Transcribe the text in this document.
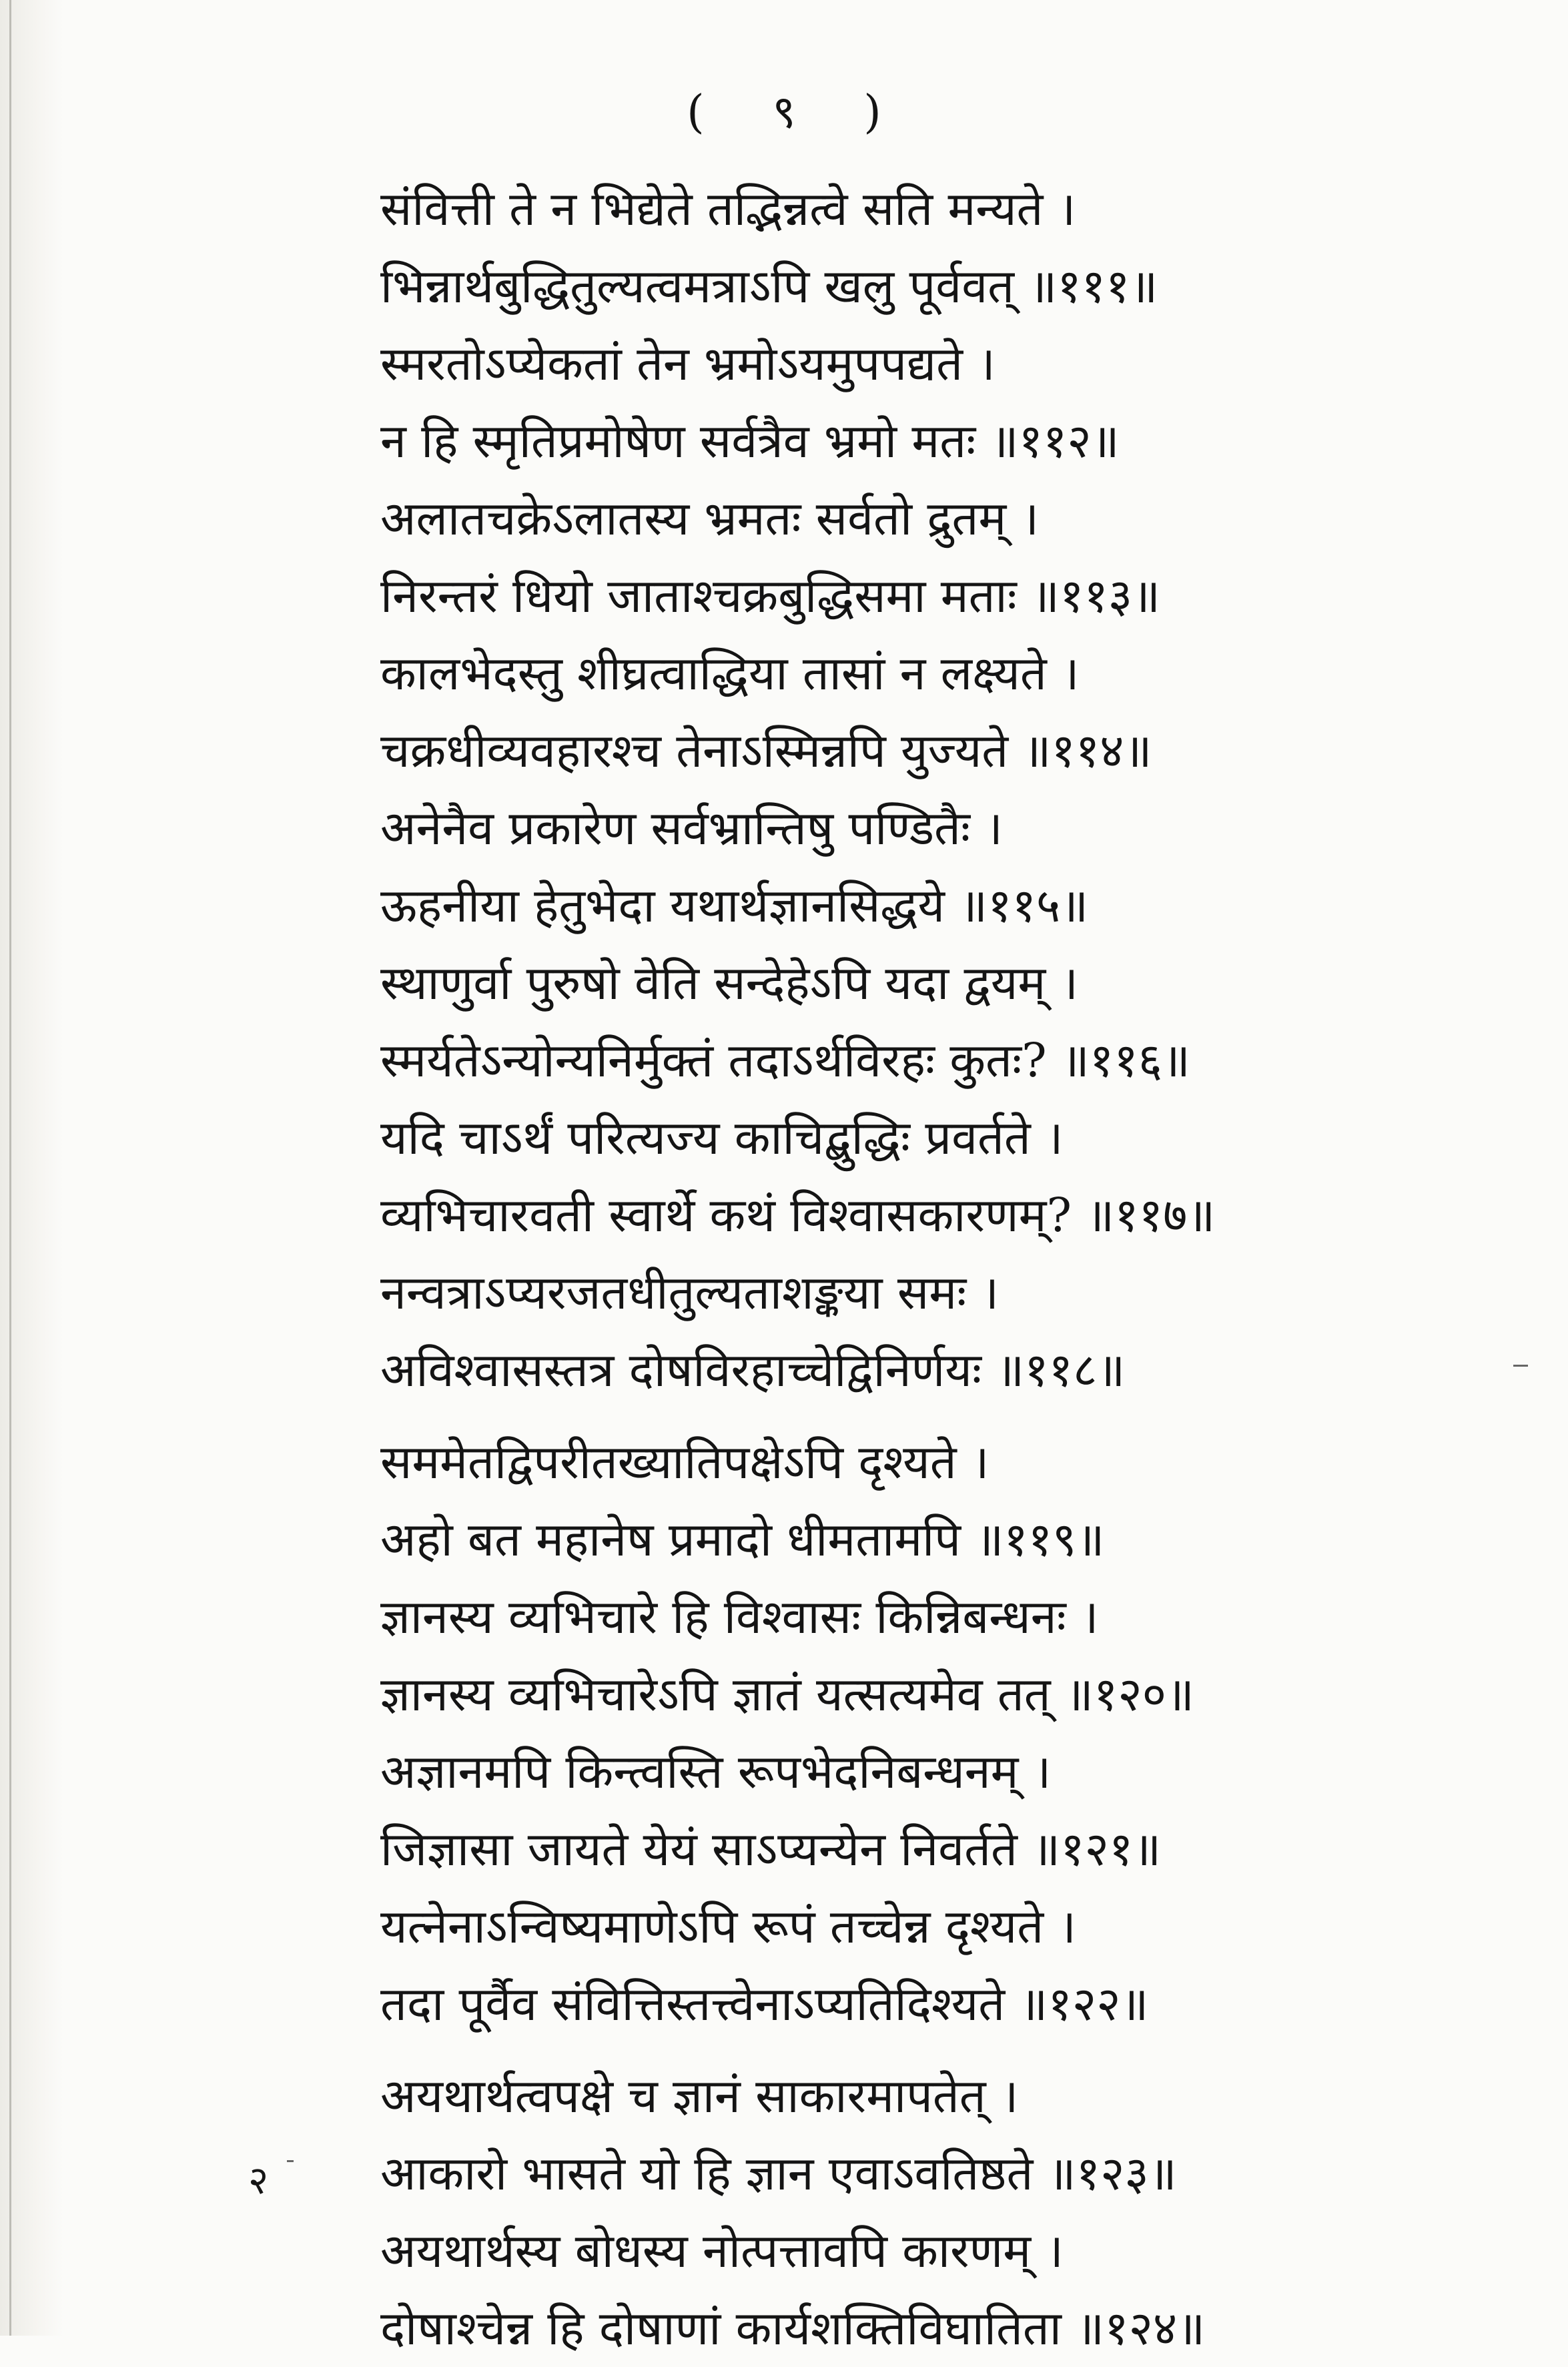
( ९ )
संवित्ती ते न भिद्येते तद्भिन्नत्वे सति मन्यते ।
भिन्नार्थबुद्धितुल्यत्वमत्राऽपि खलु पूर्ववत् ॥१११॥
स्मरतोऽप्येकतां तेन भ्रमोऽयमुपपद्यते ।
न हि स्मृतिप्रमोषेण सर्वत्रैव भ्रमो मतः ॥११२॥
अलातचक्रेऽलातस्य भ्रमतः सर्वतो द्रुतम् ।
निरन्तरं धियो जाताश्चक्रबुद्धिसमा मताः ॥११३॥
कालभेदस्तु शीघ्रत्वाद्धिया तासां न लक्ष्यते ।
चक्रधीव्यवहारश्च तेनाऽस्मिन्नपि युज्यते ॥११४॥
अनेनैव प्रकारेण सर्वभ्रान्तिषु पण्डितैः ।
ऊहनीया हेतुभेदा यथार्थज्ञानसिद्धये ॥११५॥
स्थाणुर्वा पुरुषो वेति सन्देहेऽपि यदा द्वयम् ।
स्मर्यतेऽन्योन्यनिर्मुक्तं तदाऽर्थविरहः कुतः? ॥११६॥
यदि चाऽर्थं परित्यज्य काचिद्बुद्धिः प्रवर्तते ।
व्यभिचारवती स्वार्थे कथं विश्वासकारणम्? ॥११७॥
नन्वत्राऽप्यरजतधीतुल्यताशङ्कया समः ।
अविश्वासस्तत्र दोषविरहाच्चेद्विनिर्णयः ॥११८॥
सममेतद्विपरीतख्यातिपक्षेऽपि दृश्यते ।
अहो बत महानेष प्रमादो धीमतामपि ॥११९॥
ज्ञानस्य व्यभिचारे हि विश्वासः किन्निबन्धनः ।
ज्ञानस्य व्यभिचारेऽपि ज्ञातं यत्सत्यमेव तत् ॥१२०॥
अज्ञानमपि किन्त्वस्ति रूपभेदनिबन्धनम् ।
जिज्ञासा जायते येयं साऽप्यन्येन निवर्तते ॥१२१॥
यत्नेनाऽन्विष्यमाणेऽपि रूपं तच्चेन्न दृश्यते ।
तदा पूर्वैव संवित्तिस्तत्त्वेनाऽप्यतिदिश्यते ॥१२२॥
अयथार्थत्वपक्षे च ज्ञानं साकारमापतेत् ।
आकारो भासते यो हि ज्ञान एवाऽवतिष्ठते ॥१२३॥
अयथार्थस्य बोधस्य नोत्पत्तावपि कारणम् ।
दोषाश्चेन्न हि दोषाणां कार्यशक्तिविघातिता ॥१२४॥
२
